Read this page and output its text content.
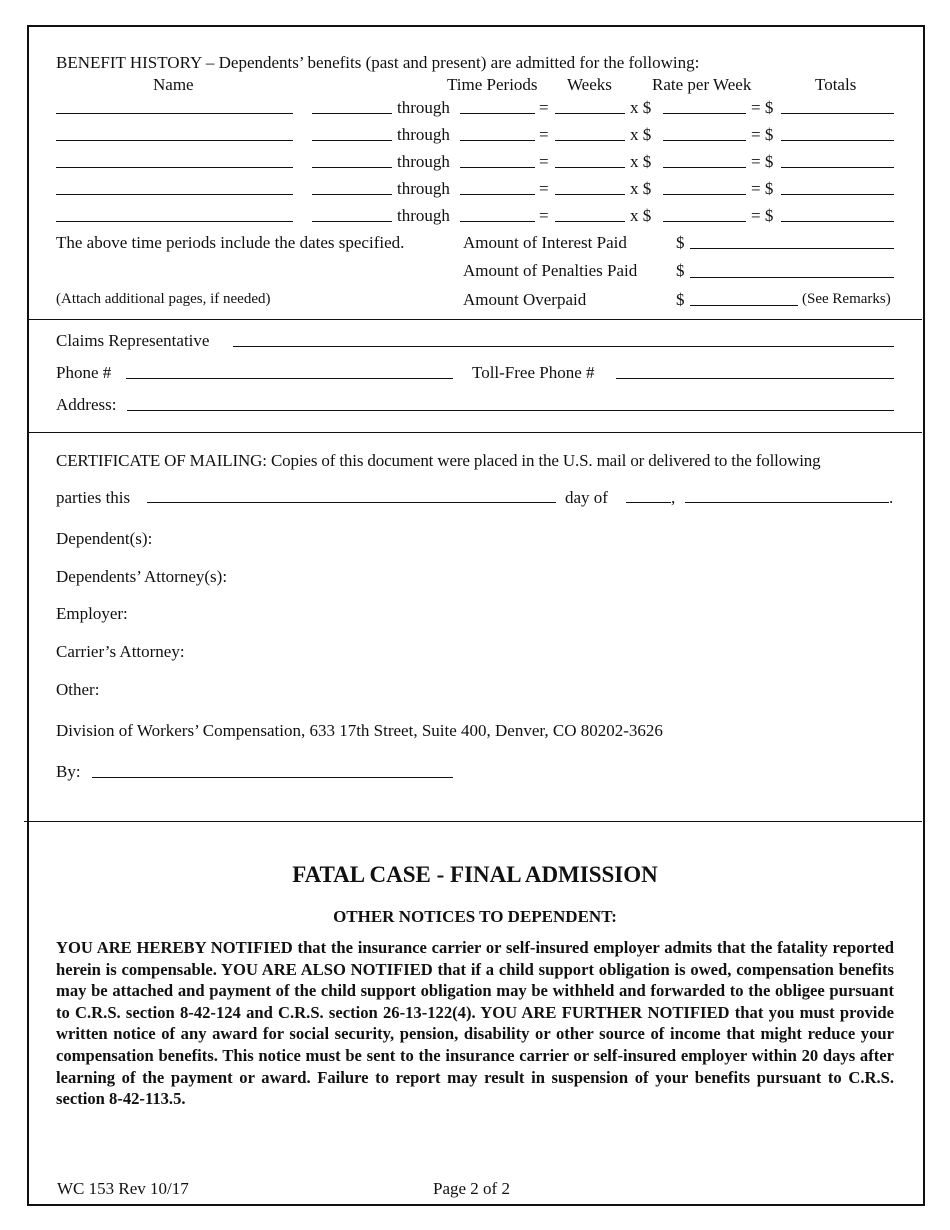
BENEFIT HISTORY – Dependents’ benefits (past and present) are admitted for the following:
Name	Time Periods Weeks Rate per Week	Totals
through	=	x $	= $
through	=	x $	= $
through	=	x $	= $
through	=	x $	= $
through	=	x $	= $
The above time periods include the dates specified.	Amount of Interest Paid	$
Amount of Penalties Paid $
(Attach additional pages, if needed)	Amount Overpaid	$	(See Remarks)
Claims Representative
Phone #	Toll-Free Phone #
Address:
CERTIFICATE OF MAILING: Copies of this document were placed in the U.S. mail or delivered to the following
parties this	day of	,	.
Dependent(s):
Dependents’ Attorney(s):
Employer:
Carrier’s Attorney:
Other:
Division of Workers’ Compensation, 633 17th Street, Suite 400, Denver, CO 80202-3626
By:
FATAL CASE - FINAL ADMISSION
OTHER NOTICES TO DEPENDENT:
YOU ARE HEREBY NOTIFIED that the insurance carrier or self-insured employer admits that the fatality reported herein is compensable. YOU ARE ALSO NOTIFIED that if a child support obligation is owed, compensation benefits may be attached and payment of the child support obligation may be withheld and forwarded to the obligee pursuant to C.R.S. section 8-42-124 and C.R.S. section 26-13-122(4). YOU ARE FURTHER NOTIFIED that you must provide written notice of any award for social security, pension, disability or other source of income that might reduce your compensation benefits. This notice must be sent to the insurance carrier or self-insured employer within 20 days after learning of the payment or award. Failure to report may result in suspension of your benefits pursuant to C.R.S. section 8-42-113.5.
WC 153 Rev 10/17	Page 2 of 2
